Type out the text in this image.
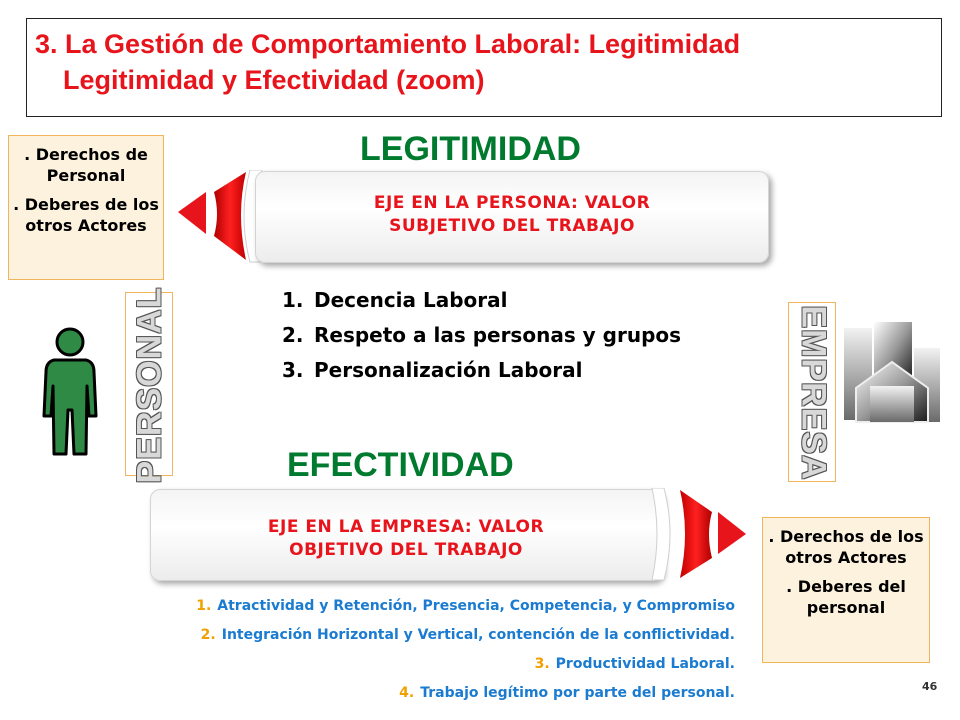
3. La Gestión de Comportamiento Laboral: Legitimidad
Legitimidad y Efectividad (zoom)

. Derechos de Personal

. Deberes de los otros Actores

LEGITIMIDAD
EJE EN LA PERSONA: VALOR
SUBJETIVO DEL TRABAJO
1. Decencia Laboral
2. Respeto a las personas y grupos
3. Personalización Laboral
PERSONAL	EMPRESA
EFECTIVIDAD
EJE EN LA EMPRESA: VALOR
OBJETIVO DEL TRABAJO

. Derechos de los otros Actores

. Deberes del personal

1. Atractividad y Retención, Presencia, Competencia, y Compromiso
2. Integración Horizontal y Vertical, contención de la conflictividad.
3. Productividad Laboral.
4. Trabajo legítimo por parte del personal.	46
